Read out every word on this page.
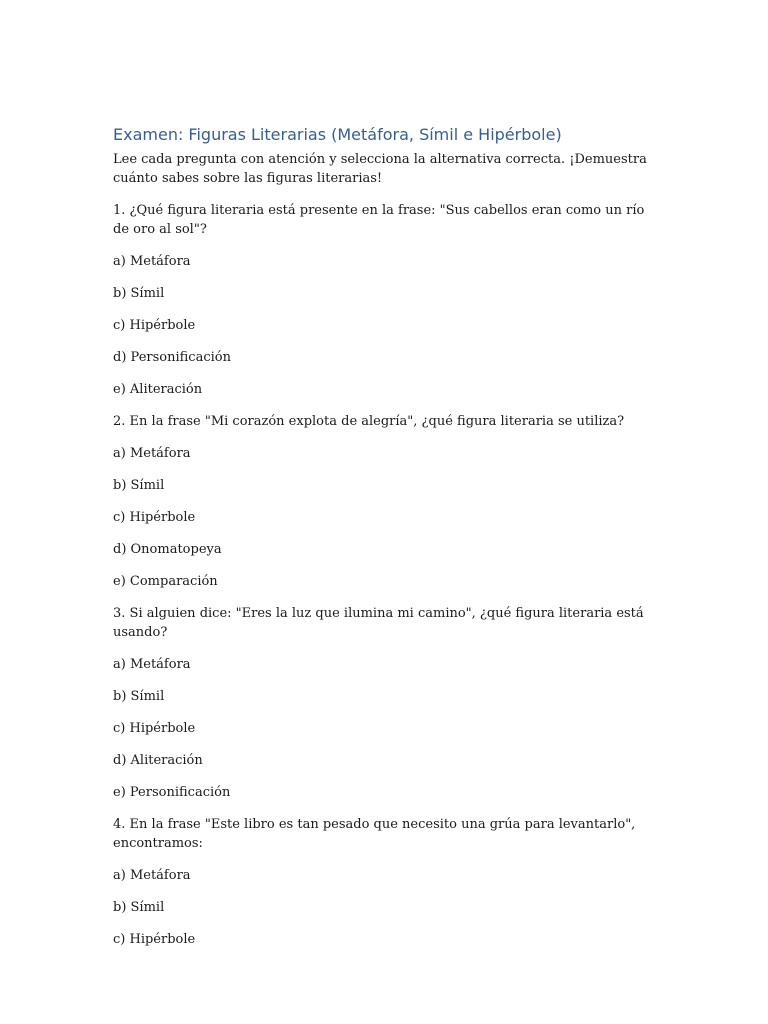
Examen: Figuras Literarias (Metáfora, Símil e Hipérbole)

Lee cada pregunta con atención y selecciona la alternativa correcta. ¡Demuestra cuánto sabes sobre las figuras literarias!

1. ¿Qué figura literaria está presente en la frase: "Sus cabellos eran como un río de oro al sol"?

a) Metáfora
b) Símil
c) Hipérbole
d) Personificación
e) Aliteración

2. En la frase "Mi corazón explota de alegría", ¿qué figura literaria se utiliza?

a) Metáfora
b) Símil
c) Hipérbole
d) Onomatopeya
e) Comparación

3. Si alguien dice: "Eres la luz que ilumina mi camino", ¿qué figura literaria está usando?

a) Metáfora
b) Símil
c) Hipérbole
d) Aliteración
e) Personificación

4. En la frase "Este libro es tan pesado que necesito una grúa para levantarlo", encontramos:

a) Metáfora
b) Símil
c) Hipérbole
